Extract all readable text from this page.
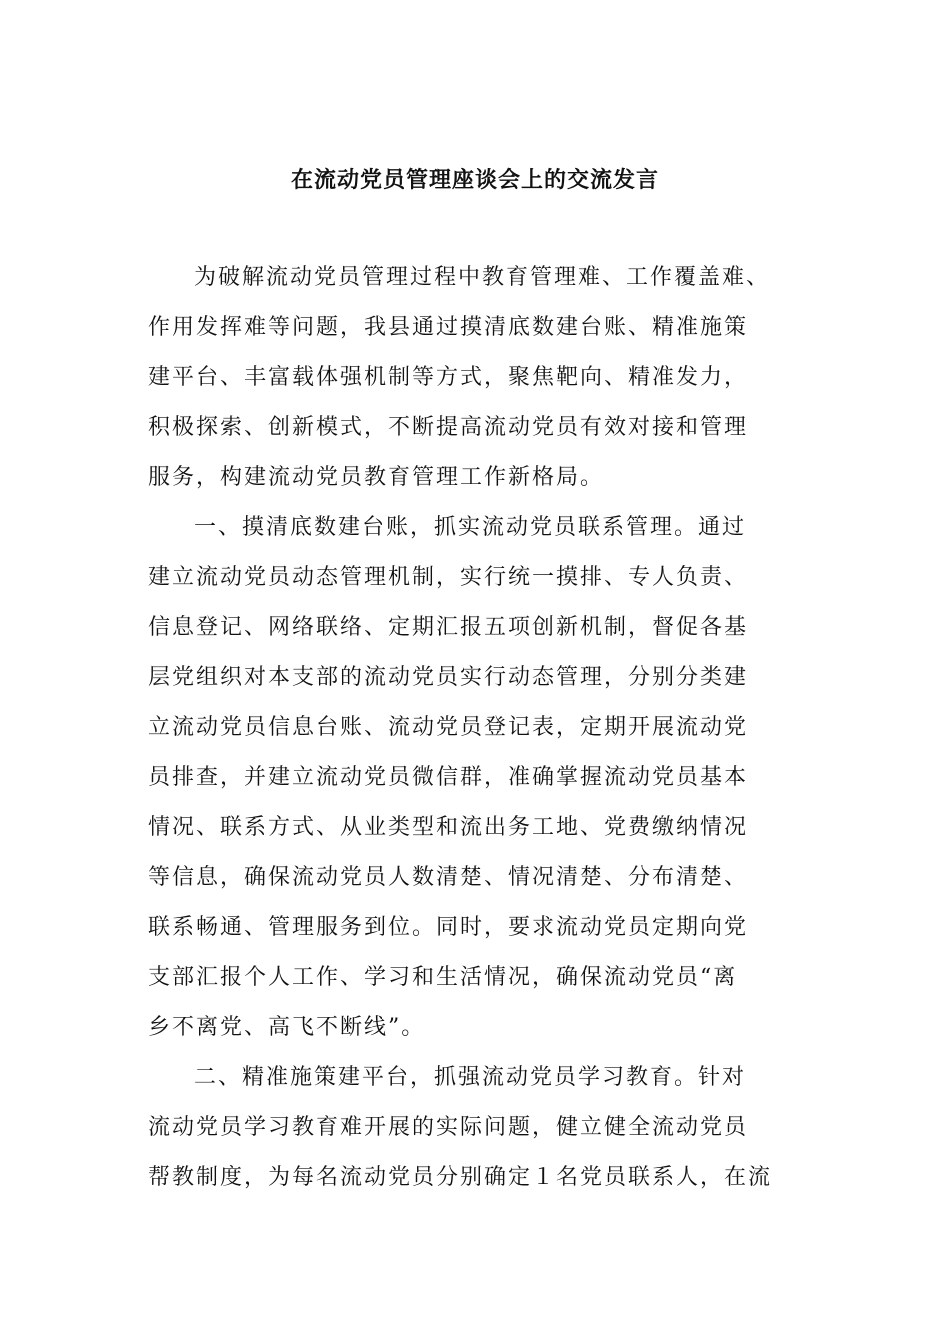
在流动党员管理座谈会上的交流发言
为破解流动党员管理过程中教育管理难、工作覆盖难、
作用发挥难等问题，我县通过摸清底数建台账、精准施策
建平台、丰富载体强机制等方式，聚焦靶向、精准发力，
积极探索、创新模式，不断提高流动党员有效对接和管理
服务，构建流动党员教育管理工作新格局。
一、摸清底数建台账，抓实流动党员联系管理。通过
建立流动党员动态管理机制，实行统一摸排、专人负责、
信息登记、网络联络、定期汇报五项创新机制，督促各基
层党组织对本支部的流动党员实行动态管理，分别分类建
立流动党员信息台账、流动党员登记表，定期开展流动党
员排查，并建立流动党员微信群，准确掌握流动党员基本
情况、联系方式、从业类型和流出务工地、党费缴纳情况
等信息，确保流动党员人数清楚、情况清楚、分布清楚、
联系畅通、管理服务到位。同时，要求流动党员定期向党
支部汇报个人工作、学习和生活情况，确保流动党员“离
乡不离党、高飞不断线”。
二、精准施策建平台，抓强流动党员学习教育。针对
流动党员学习教育难开展的实际问题，健立健全流动党员
帮教制度，为每名流动党员分别确定１名党员联系人，在流
